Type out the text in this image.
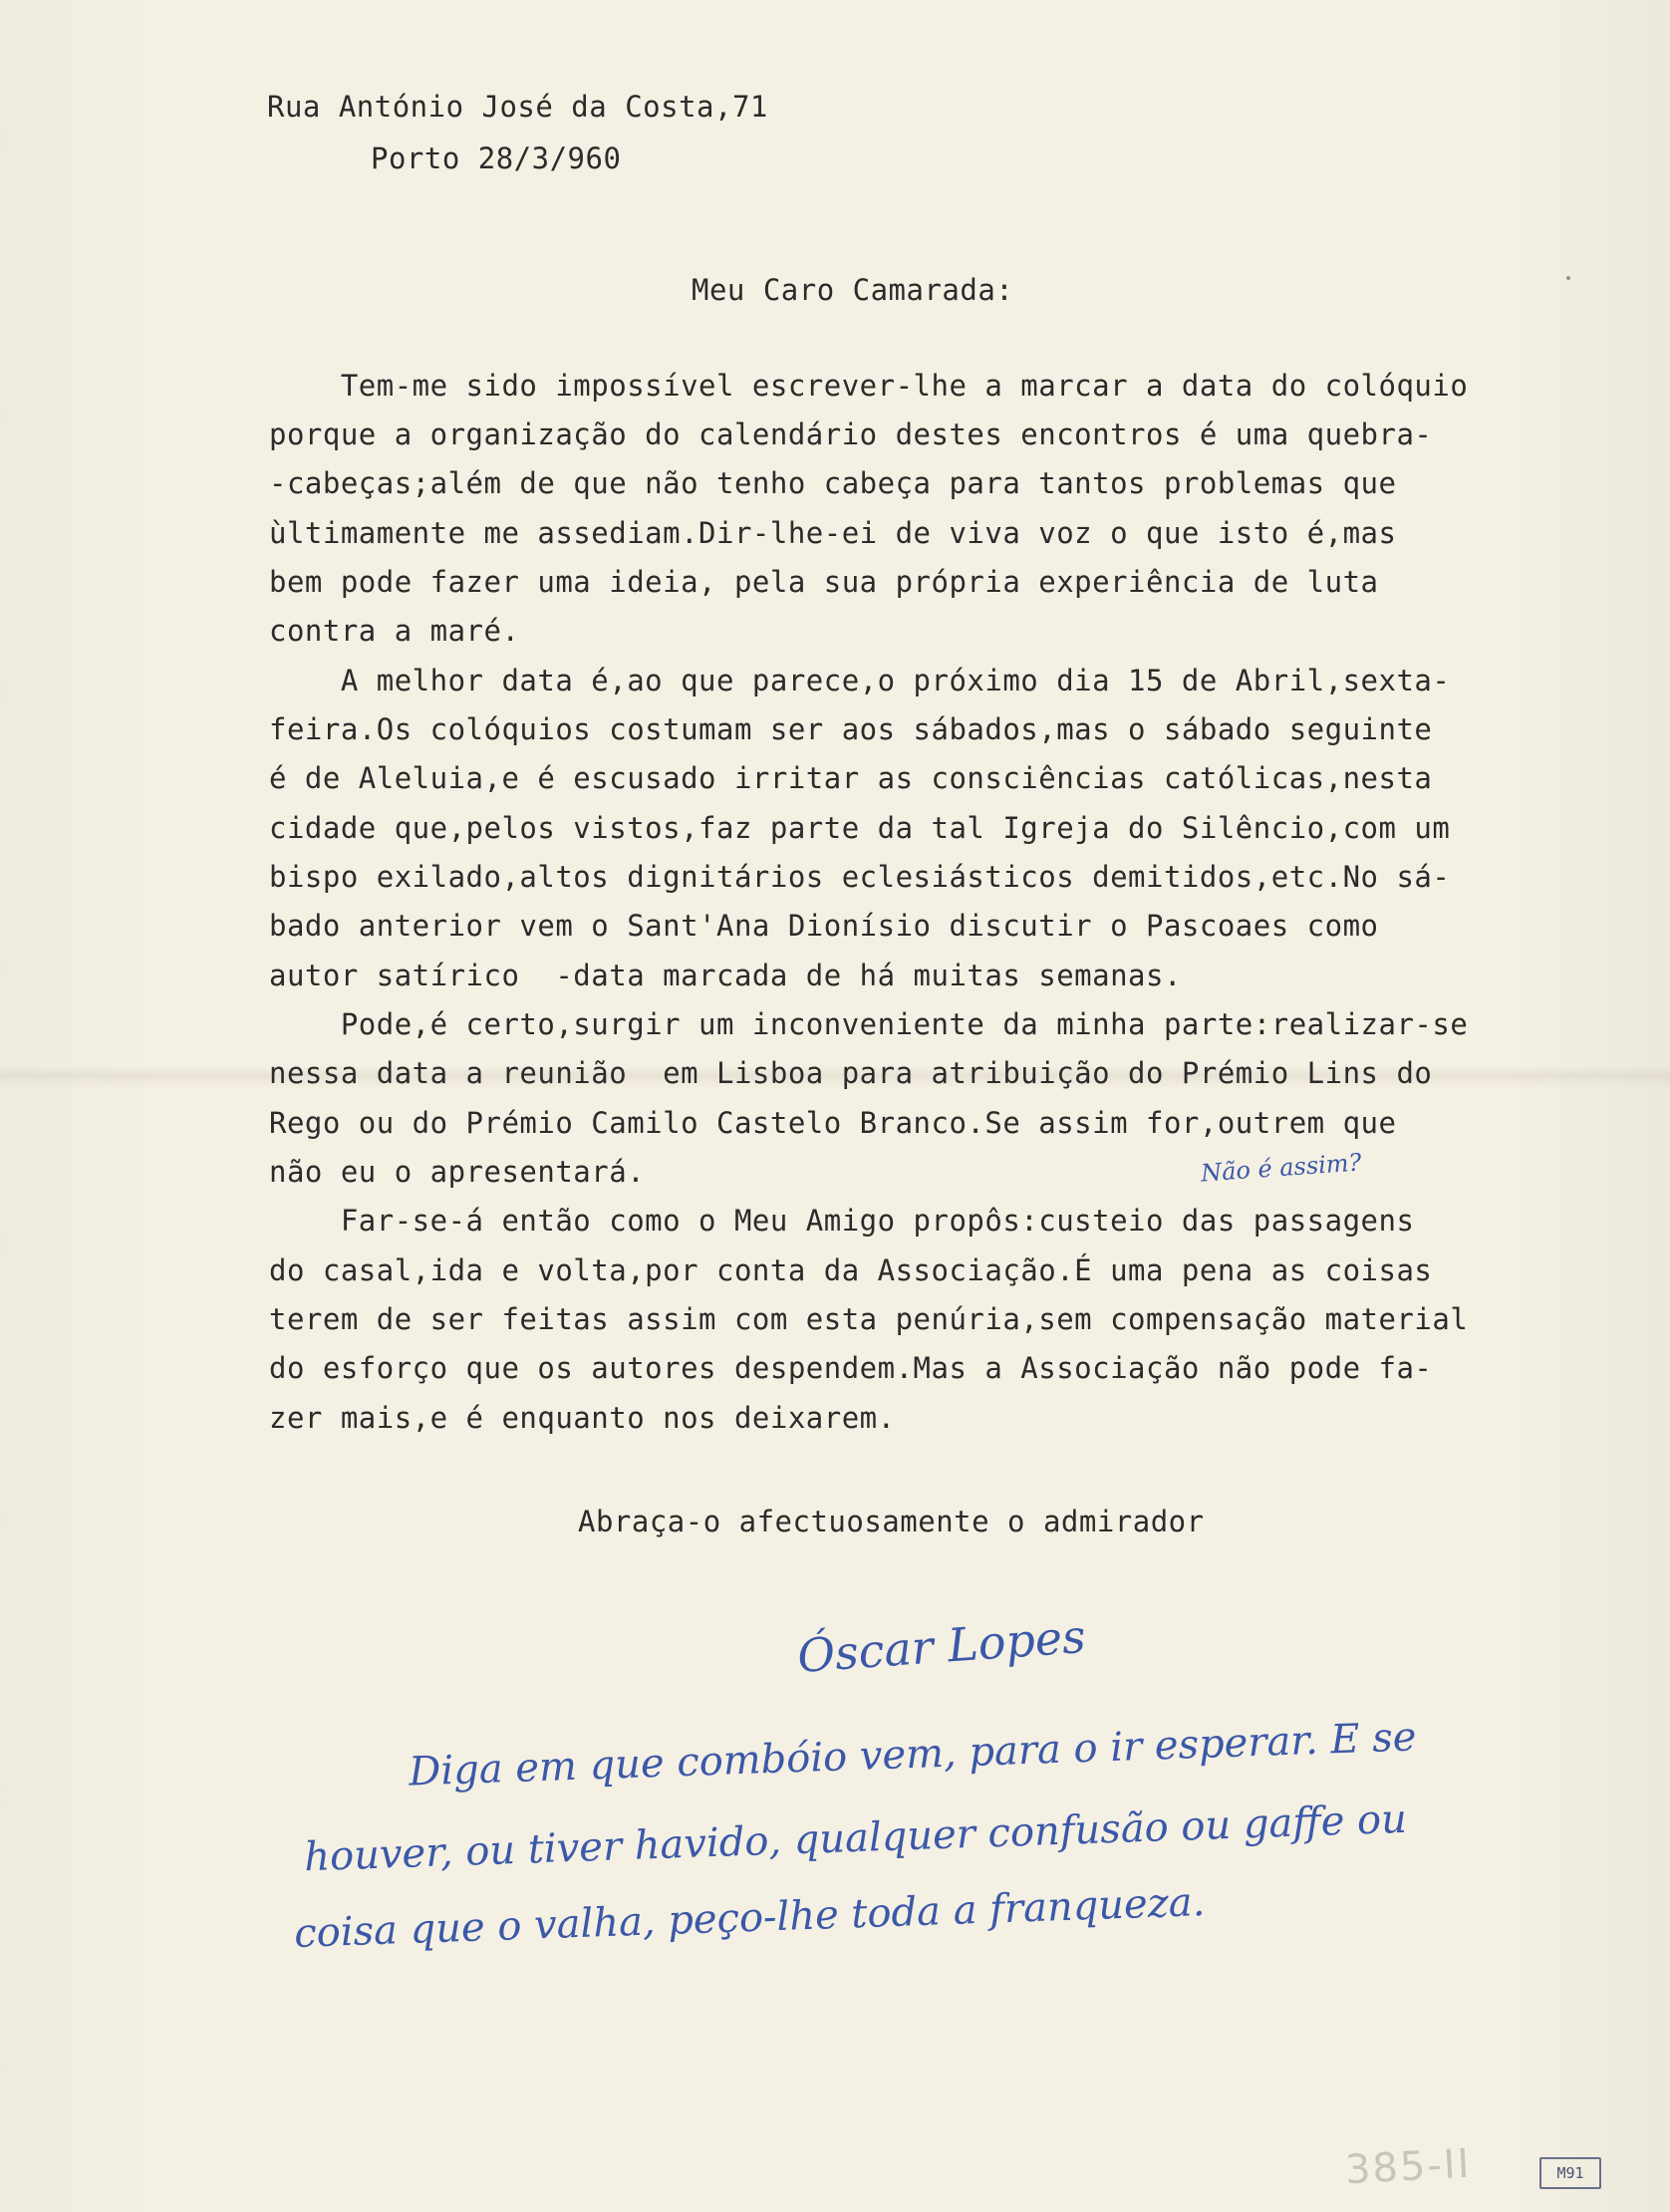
Rua António José da Costa,71
Porto 28/3/960
Meu Caro Camarada:

Tem-me sido impossível escrever-lhe a marcar a data do colóquio

porque a organização do calendário destes encontros é uma quebra-

-cabeças;além de que não tenho cabeça para tantos problemas que

ùltimamente me assediam.Dir-lhe-ei de viva voz o que isto é,mas

bem pode fazer uma ideia, pela sua própria experiência de luta

contra a maré.

A melhor data é,ao que parece,o próximo dia 15 de Abril,sexta-

feira.Os colóquios costumam ser aos sábados,mas o sábado seguinte

é de Aleluia,e é escusado irritar as consciências católicas,nesta

cidade que,pelos vistos,faz parte da tal Igreja do Silêncio,com um

bispo exilado,altos dignitários eclesiásticos demitidos,etc.No sá-

bado anterior vem o Sant'Ana Dionísio discutir o Pascoaes como

autor satírico  -data marcada de há muitas semanas.

Pode,é certo,surgir um inconveniente da minha parte:realizar-se

nessa data a reunião  em Lisboa para atribuição do Prémio Lins do

Rego ou do Prémio Camilo Castelo Branco.Se assim for,outrem que

não eu o apresentará.

Far-se-á então como o Meu Amigo propôs:custeio das passagens

do casal,ida e volta,por conta da Associação.É uma pena as coisas

terem de ser feitas assim com esta penúria,sem compensação material

do esforço que os autores despendem.Mas a Associação não pode fa-

zer mais,e é enquanto nos deixarem.

Não é assim?
Abraça-o afectuosamente o admirador
Óscar Lopes
Diga em que combóio vem, para o ir esperar. E se
houver, ou tiver havido, qualquer confusão ou gaffe ou
coisa que o valha, peço-lhe toda a franqueza.
385-II	M91
